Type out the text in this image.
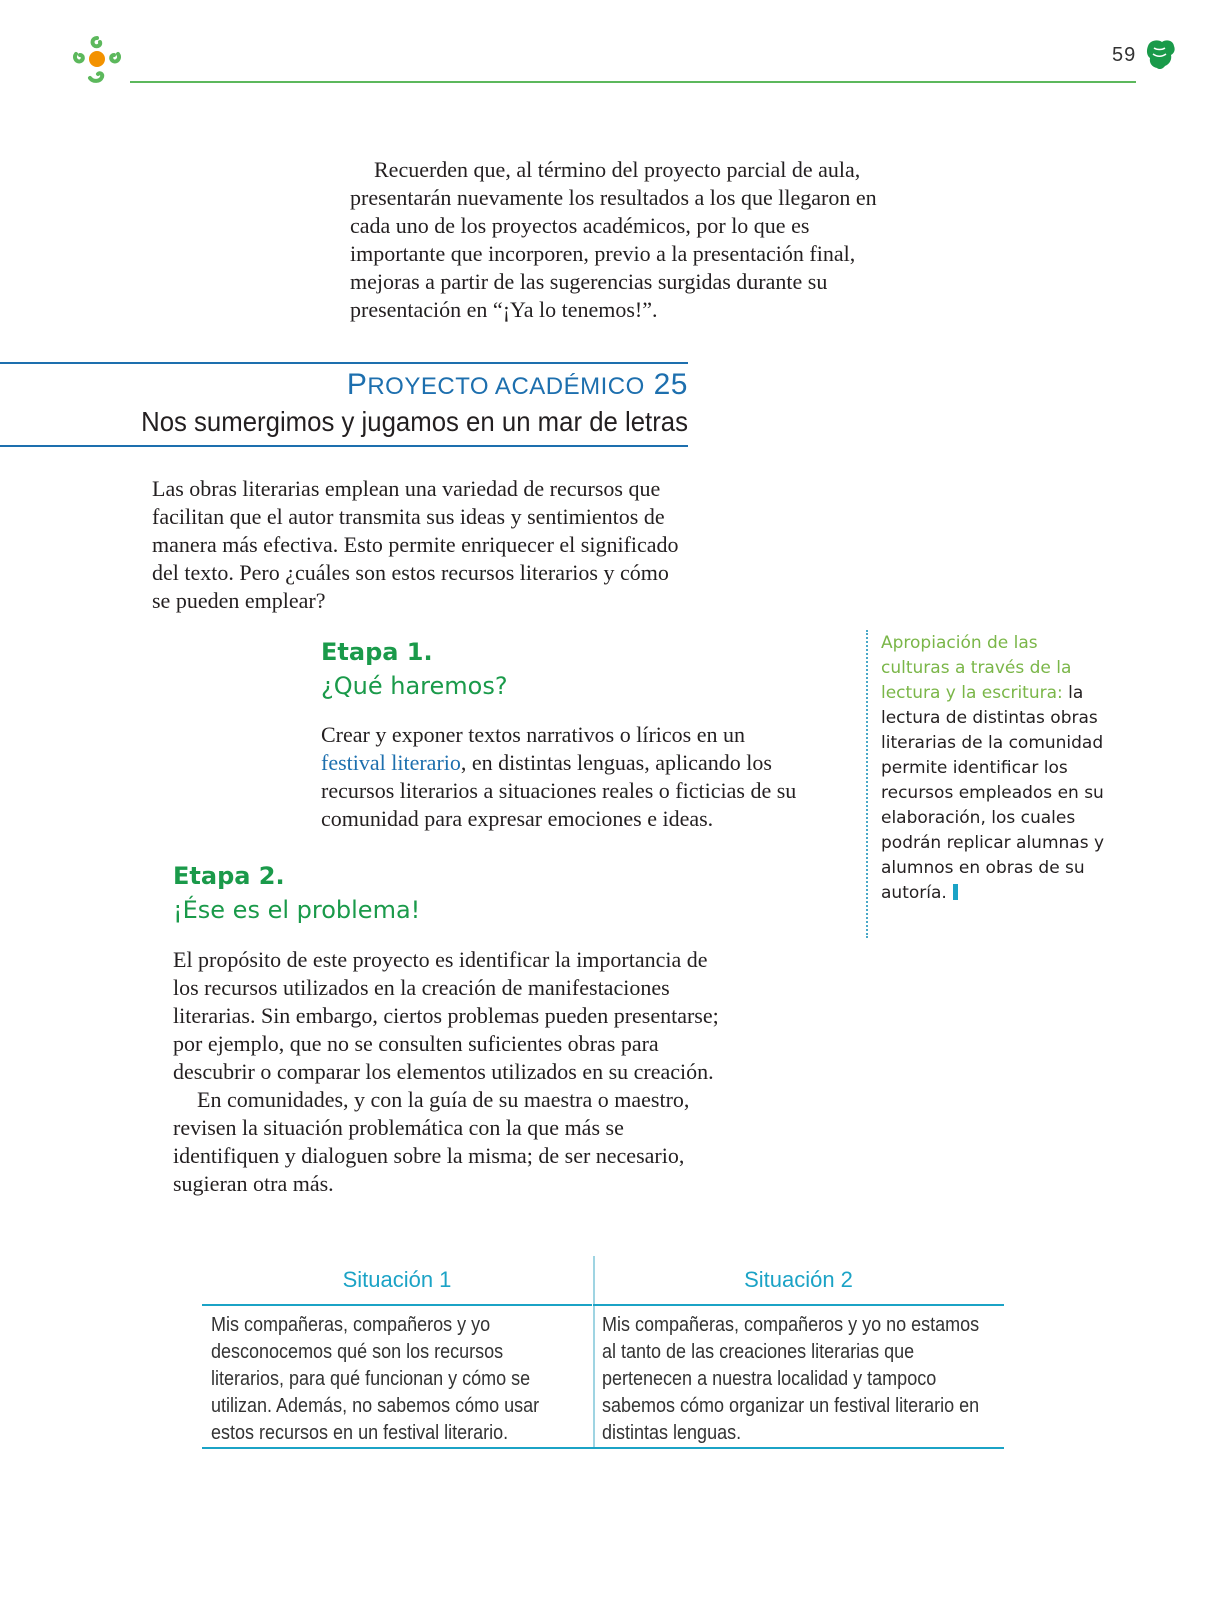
59

Recuerden que, al término del proyecto parcial de aula, presentarán nuevamente los resultados a los que llegaron en cada uno de los proyectos académicos, por lo que es importante que incorporen, previo a la presentación final, mejoras a partir de las sugerencias surgidas durante su presentación en “¡Ya lo tenemos!”.

PROYECTO ACADÉMICO 25
Nos sumergimos y jugamos en un mar de letras
Las obras literarias emplean una variedad de recursos que facilitan que el autor transmita sus ideas y sentimientos de manera más efectiva. Esto permite enriquecer el significado del texto. Pero ¿cuáles son estos recursos literarios y cómo se pueden emplear?
Etapa 1.
¿Qué haremos?
Crear y exponer textos narrativos o líricos en un festival literario, en distintas lenguas, aplicando los recursos literarios a situaciones reales o ficticias de su comunidad para expresar emociones e ideas.
Apropiación de las culturas a través de la lectura y la escritura: la lectura de distintas obras literarias de la comunidad permite identificar los recursos empleados en su elaboración, los cuales podrán replicar alumnas y alumnos en obras de su autoría.
Etapa 2.
¡Ése es el problema!

El propósito de este proyecto es identificar la importancia de los recursos utilizados en la creación de manifestaciones literarias. Sin embargo, ciertos problemas pueden presentarse; por ejemplo, que no se consulten suficientes obras para descubrir o comparar los elementos utilizados en su creación.

En comunidades, y con la guía de su maestra o maestro, revisen la situación problemática con la que más se identifiquen y dialoguen sobre la misma; de ser necesario, sugieran otra más.

Situación 1
Mis compañeras, compañeros y yo desconocemos qué son los recursos literarios, para qué funcionan y cómo se utilizan. Además, no sabemos cómo usar estos recursos en un festival literario.
Situación 2
Mis compañeras, compañeros y yo no estamos al tanto de las creaciones literarias que pertenecen a nuestra localidad y tampoco sabemos cómo organizar un festival literario en distintas lenguas.
